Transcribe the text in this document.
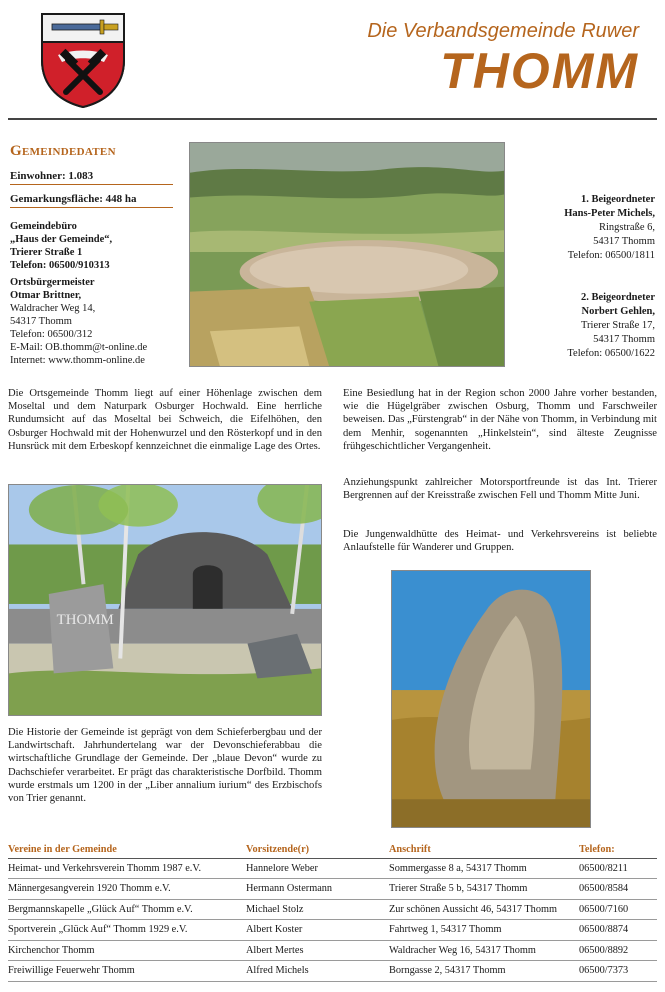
Die Verbandsgemeinde Ruwer
THOMM
Gemeindedaten
Einwohner: 1.083
Gemarkungsfläche: 448 ha
Gemeindebüro
„Haus der Gemeinde“,
Trierer Straße 1
Telefon: 06500/910313
Ortsbürgermeister
Otmar Brittner,
Waldracher Weg 14,
54317 Thomm
Telefon: 06500/312
E-Mail: OB.thomm@t-online.de
Internet: www.thomm-online.de
1. Beigeordneter
Hans-Peter Michels,
Ringstraße 6,
54317 Thomm
Telefon: 06500/1811
2. Beigeordneter
Norbert Gehlen,
Trierer Straße 17,
54317 Thomm
Telefon: 06500/1622
Die Ortsgemeinde Thomm liegt auf einer Höhenlage zwischen dem Moseltal und dem Naturpark Osburger Hochwald. Eine herrliche Rundumsicht auf das Moseltal bei Schweich, die Eifelhöhen, den Osburger Hochwald mit der Hohenwurzel und den Rösterkopf und in den Hunsrück mit dem Erbeskopf kennzeichnet die einmalige Lage des Ortes.
THOMM
Die Historie der Gemeinde ist geprägt von dem Schieferbergbau und der Landwirtschaft. Jahrhundertelang war der Devonschieferabbau die wirtschaftliche Grundlage der Gemeinde. Der „blaue Devon“ wurde zu Dachschiefer verarbeitet. Er prägt das charakteristische Dorfbild. Thomm wurde erstmals um 1200 in der „Liber annalium iurium“ des Erzbischofs von Trier genannt.
Eine Besiedlung hat in der Region schon 2000 Jahre vorher bestanden, wie die Hügelgräber zwischen Osburg, Thomm und Farschweiler beweisen. Das „Fürstengrab“ in der Nähe von Thomm, in Verbindung mit dem Menhir, sogenannten „Hinkelstein“, sind älteste Zeugnisse frühgeschichtlicher Vergangenheit.
Anziehungspunkt zahlreicher Motorsportfreunde ist das Int. Trierer Bergrennen auf der Kreisstraße zwischen Fell und Thomm Mitte Juni.
Die Jungenwaldhütte des Heimat- und Verkehrsvereins ist beliebte Anlaufstelle für Wanderer und Gruppen.
Vereine in der Gemeinde	Vorsitzende(r)	Anschrift	Telefon:
Heimat- und Verkehrsverein Thomm 1987 e.V.	Hannelore Weber	Sommergasse 8 a, 54317 Thomm	06500/8211
Männergesangverein 1920 Thomm e.V.	Hermann Ostermann	Trierer Straße 5 b, 54317 Thomm	06500/8584
Bergmannskapelle „Glück Auf“ Thomm e.V.	Michael Stolz	Zur schönen Aussicht 46, 54317 Thomm	06500/7160
Sportverein „Glück Auf“ Thomm 1929 e.V.	Albert Koster	Fahrtweg 1, 54317 Thomm	06500/8874
Kirchenchor Thomm	Albert Mertes	Waldracher Weg 16, 54317 Thomm	06500/8892
Freiwillige Feuerwehr Thomm	Alfred Michels	Borngasse 2, 54317 Thomm	06500/7373
